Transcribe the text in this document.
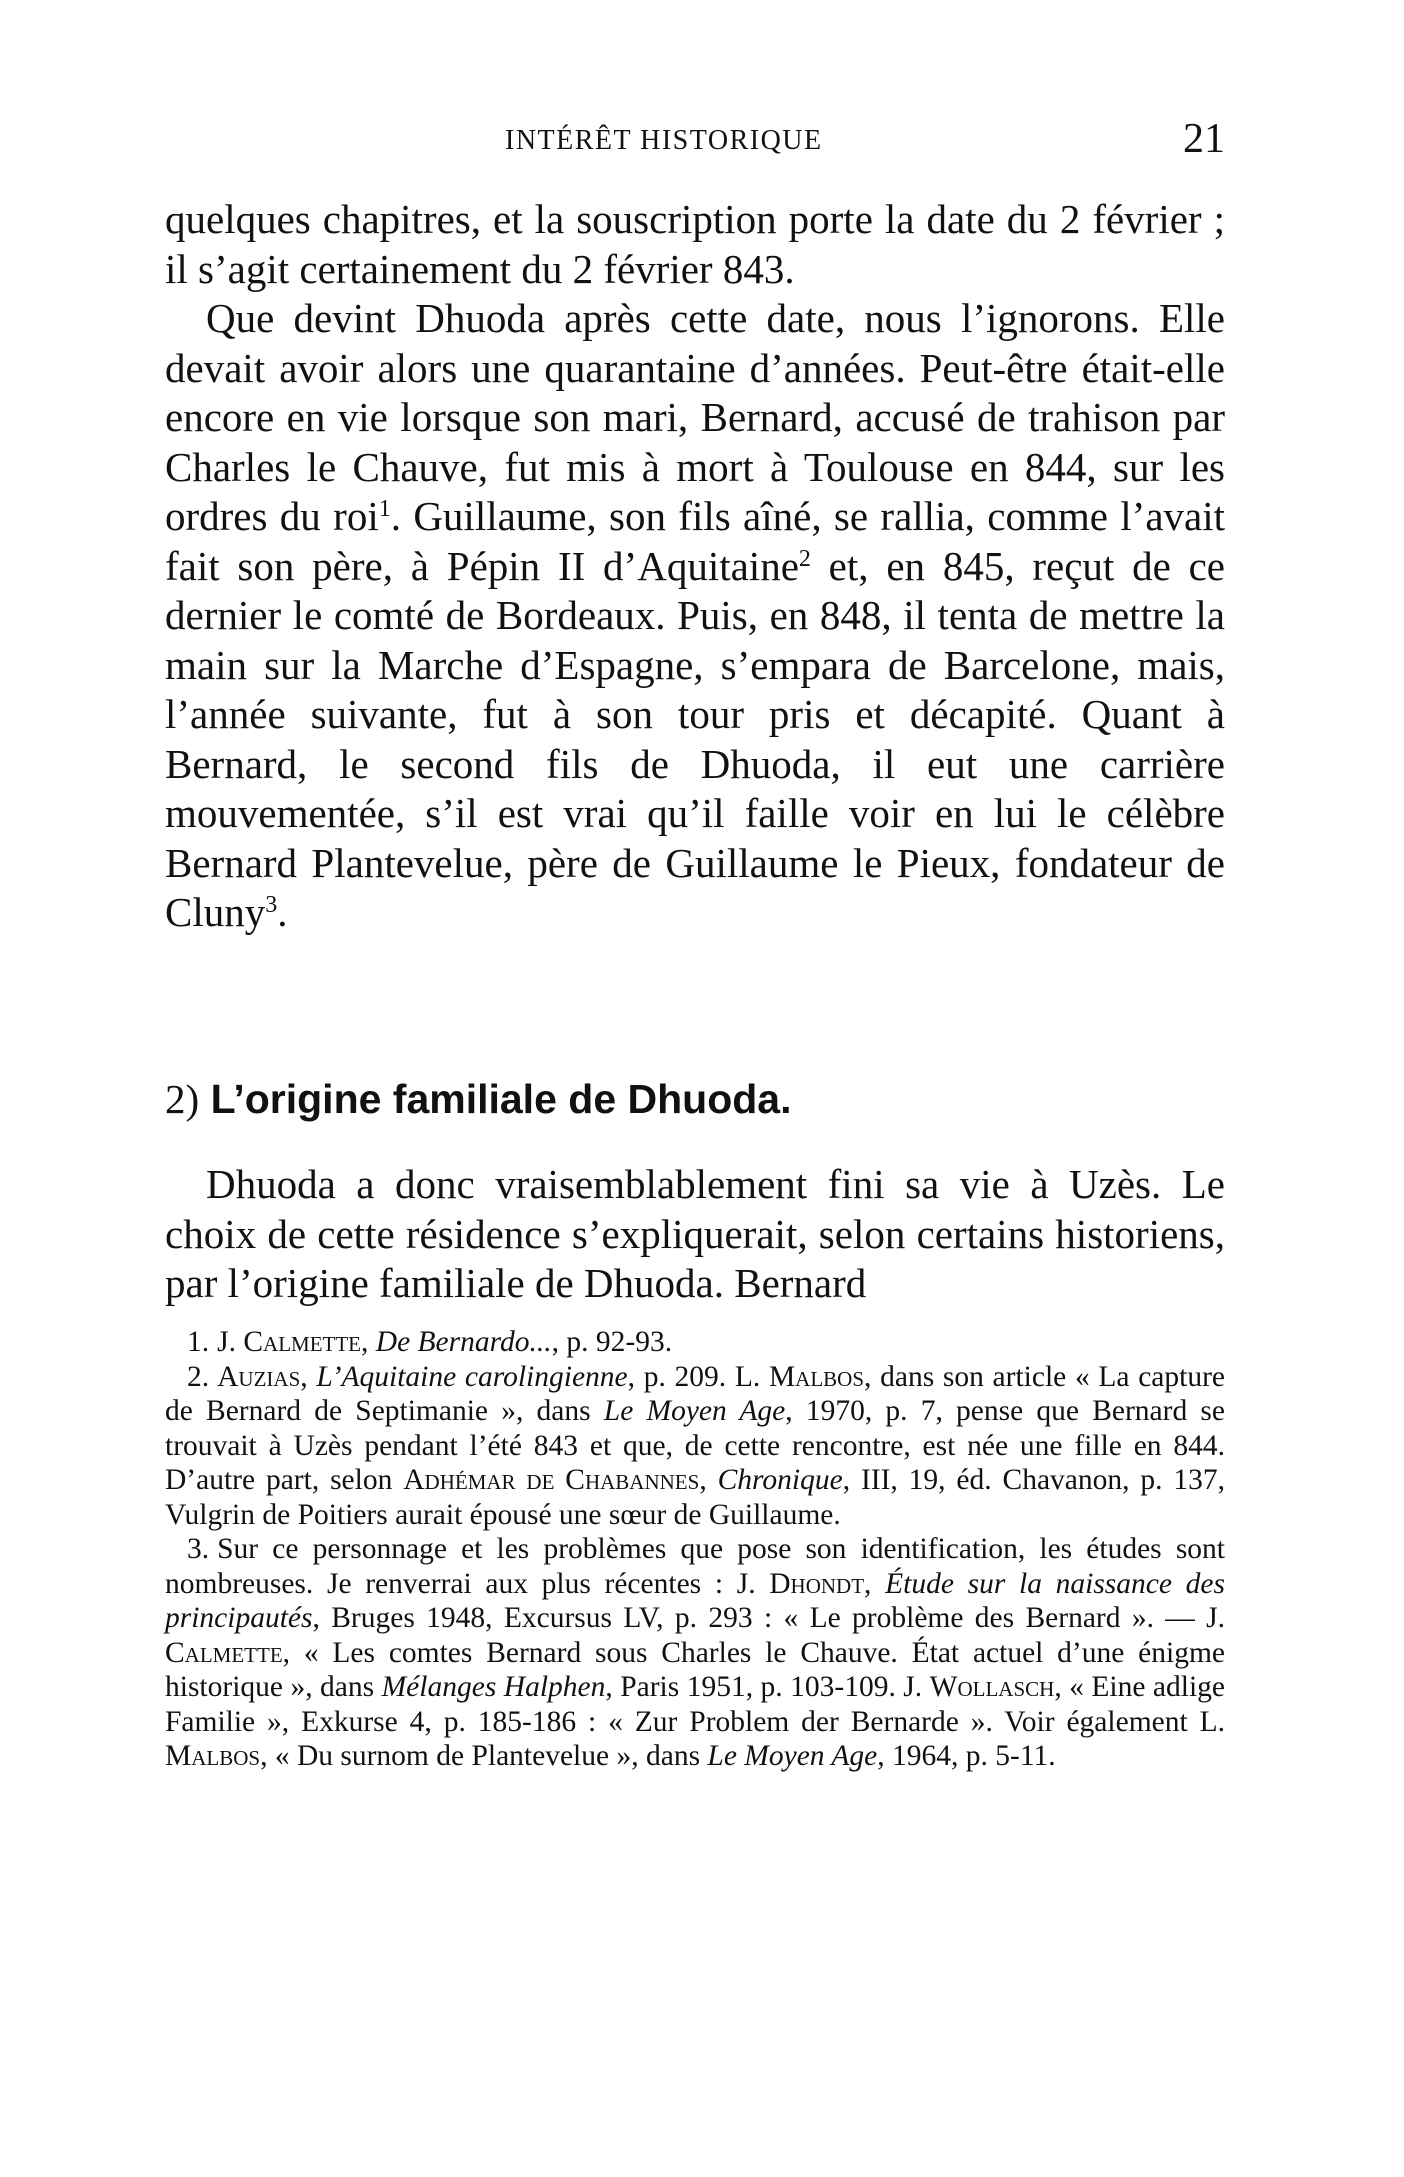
INTÉRÊT HISTORIQUE	21

quelques chapitres, et la souscription porte la date du 2 février ; il s’agit certainement du 2 février 843.

Que devint Dhuoda après cette date, nous l’ignorons. Elle devait avoir alors une quarantaine d’années. Peut-être était-elle encore en vie lorsque son mari, Bernard, accusé de trahison par Charles le Chauve, fut mis à mort à Toulouse en 844, sur les ordres du roi$^1$. Guillaume, son fils aîné, se rallia, comme l’avait fait son père, à Pépin II d’Aquitaine$^2$ et, en 845, reçut de ce dernier le comté de Bordeaux. Puis, en 848, il tenta de mettre la main sur la Marche d’Espagne, s’empara de Barcelone, mais, l’année suivante, fut à son tour pris et décapité. Quant à Bernard, le second fils de Dhuoda, il eut une carrière mouvementée, s’il est vrai qu’il faille voir en lui le célèbre Bernard Plantevelue, père de Guillaume le Pieux, fondateur de Cluny$^3$.

2) L’origine familiale de Dhuoda.

Dhuoda a donc vraisemblablement fini sa vie à Uzès. Le choix de cette résidence s’expliquerait, selon certains historiens, par l’origine familiale de Dhuoda. Bernard

1. J. Calmette, De Bernardo..., p. 92-93.

2. Auzias, L’Aquitaine carolingienne, p. 209. L. Malbos, dans son article « La capture de Bernard de Septimanie », dans Le Moyen Age, 1970, p. 7, pense que Bernard se trouvait à Uzès pendant l’été 843 et que, de cette rencontre, est née une fille en 844. D’autre part, selon Adhémar de Chabannes, Chronique, III, 19, éd. Chavanon, p. 137, Vulgrin de Poitiers aurait épousé une sœur de Guillaume.

3. Sur ce personnage et les problèmes que pose son identification, les études sont nombreuses. Je renverrai aux plus récentes : J. Dhondt, Étude sur la naissance des principautés, Bruges 1948, Excursus LV, p. 293 : « Le problème des Bernard ». — J. Calmette, « Les comtes Bernard sous Charles le Chauve. État actuel d’une énigme historique », dans Mélanges Halphen, Paris 1951, p. 103-109. J. Wollasch, « Eine adlige Familie », Exkurse 4, p. 185-186 : « Zur Problem der Bernarde ». Voir également L. Malbos, « Du surnom de Plantevelue », dans Le Moyen Age, 1964, p. 5-11.
